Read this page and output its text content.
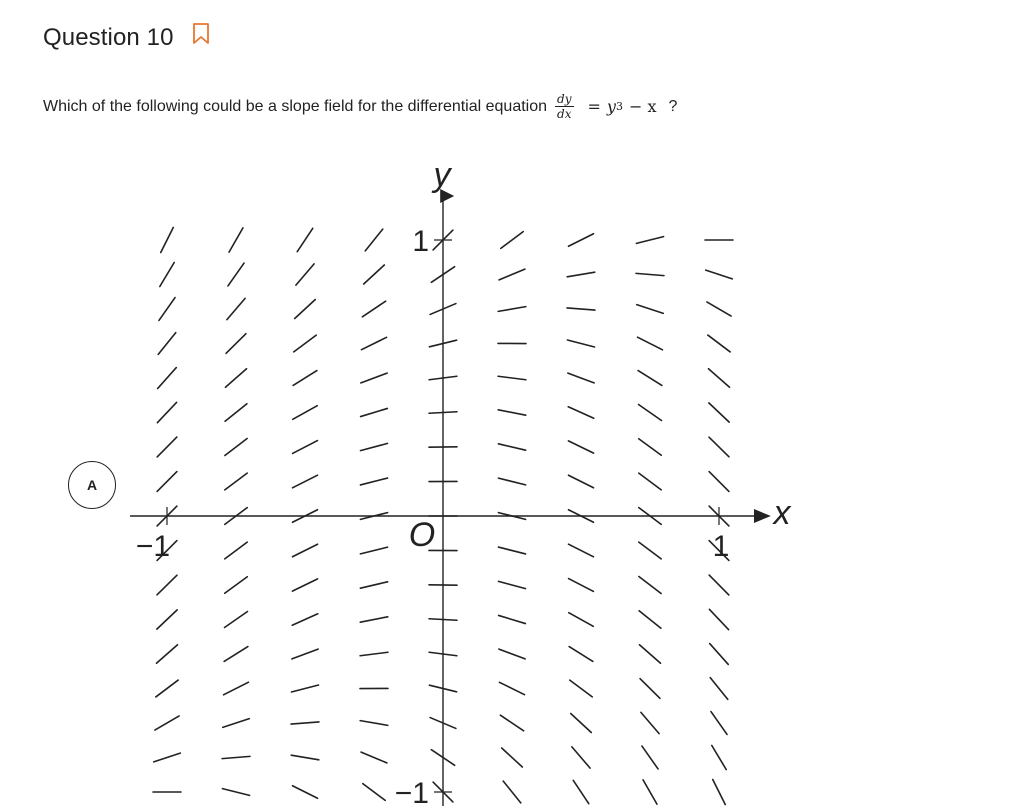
Question 10
Which of the following could be a slope field for the differential equation $\frac{dy}{dx} = y$ 3 − x ?
A
−1	1
1
−1
x
y
O
